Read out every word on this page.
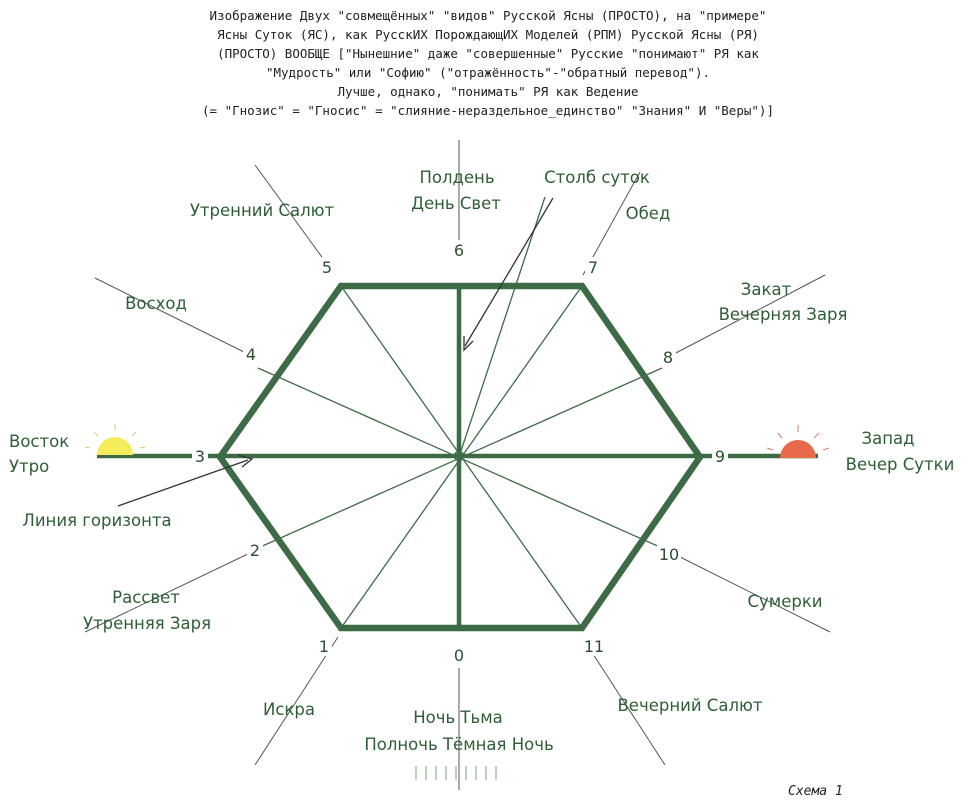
Изображение Двух "совмещённых" "видов" Русской Ясны (ПРОСТО), на "примере"
Ясны Суток (ЯС), как РусскИХ ПорождающИХ Моделей (РПМ) Русской Ясны (РЯ)
(ПРОСТО) ВООБЩЕ ["Нынешние" даже "совершенные" Русские "понимают" РЯ как
"Мудрость" или "Софию" ("отражённость"-"обратный перевод").
Лучше, однако, "понимать" РЯ как Ведение
(= "Гнозис" = "Гносис" = "слияние-нераздельное_единство" "Знания" И "Веры")]
6
5	7
4	8
3	9
2	10
1	0	11
Полдень
День Свет
Столб суток
Обед
Утренний Салют
Восход
Закат
Вечерняя Заря
Восток
Утро
Запад
Вечер Сутки
Линия горизонта
Рассвет
Утренняя Заря
Сумерки
Искра	Ночь Тьма
Полночь Тёмная Ночь
Вечерний Салют
Схема 1
